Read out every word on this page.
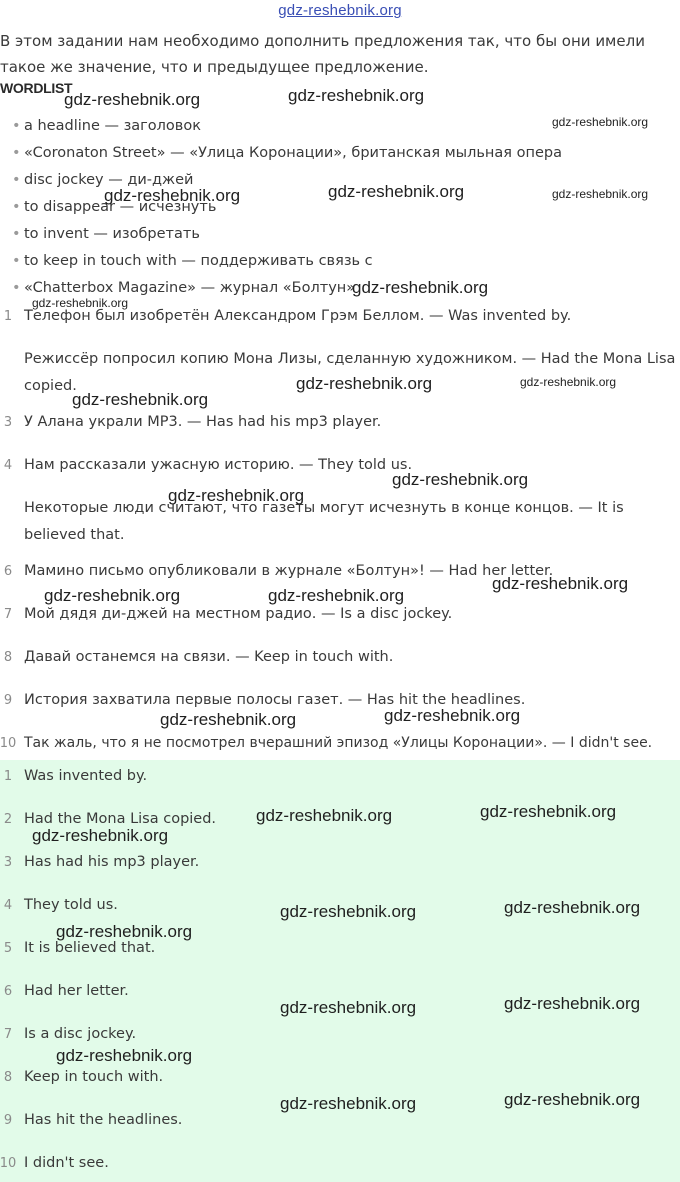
gdz-reshebnik.org
В этом задании нам необходимо дополнить предложения так, что бы они имели такое же значение, что и предыдущее предложение.
WORDLIST
• a headline — заголовок
• «Coronaton Street» — «Улица Коронации», британская мыльная опера
• disc jockey — ди-джей
• to disappear — исчезнуть
• to invent — изобретать
• to keep in touch with — поддерживать связь с
• «Chatterbox Magazine» — журнал «Болтун»
1 Телефон был изобретён Александром Грэм Беллом. — Was invented by.
Режиссёр попросил копию Мона Лизы, сделанную художником. — Had the Mona Lisa copied.
3 У Алана украли MP3. — Has had his mp3 player.
4 Нам рассказали ужасную историю. — They told us.
Некоторые люди считают, что газеты могут исчезнуть в конце концов. — It is believed that.
6 Мамино письмо опубликовали в журнале «Болтун»! — Had her letter.
7 Мой дядя ди-джей на местном радио. — Is a disc jockey.
8 Давай останемся на связи. — Keep in touch with.
9 История захватила первые полосы газет. — Has hit the headlines.
10 Так жаль, что я не посмотрел вчерашний эпизод «Улицы Коронации». — I didn't see.
1 Was invented by.
2 Had the Mona Lisa copied.
3 Has had his mp3 player.
4 They told us.
5 It is believed that.
6 Had her letter.
7 Is a disc jockey.
8 Keep in touch with.
9 Has hit the headlines.
10 I didn't see.
gdz-reshebnik.org	gdz-reshebnik.org
gdz-reshebnik.org
gdz-reshebnik.org	gdz-reshebnik.org	gdz-reshebnik.org
gdz-reshebnik.org
gdz-reshebnik.org
gdz-reshebnik.org
gdz-reshebnik.org	gdz-reshebnik.org
gdz-reshebnik.org
gdz-reshebnik.org
gdz-reshebnik.org
gdz-reshebnik.org	gdz-reshebnik.org
gdz-reshebnik.org
gdz-reshebnik.org
gdz-reshebnik.org	gdz-reshebnik.org
gdz-reshebnik.org
gdz-reshebnik.org	gdz-reshebnik.org
gdz-reshebnik.org
gdz-reshebnik.org	gdz-reshebnik.org
gdz-reshebnik.org
gdz-reshebnik.org	gdz-reshebnik.org
